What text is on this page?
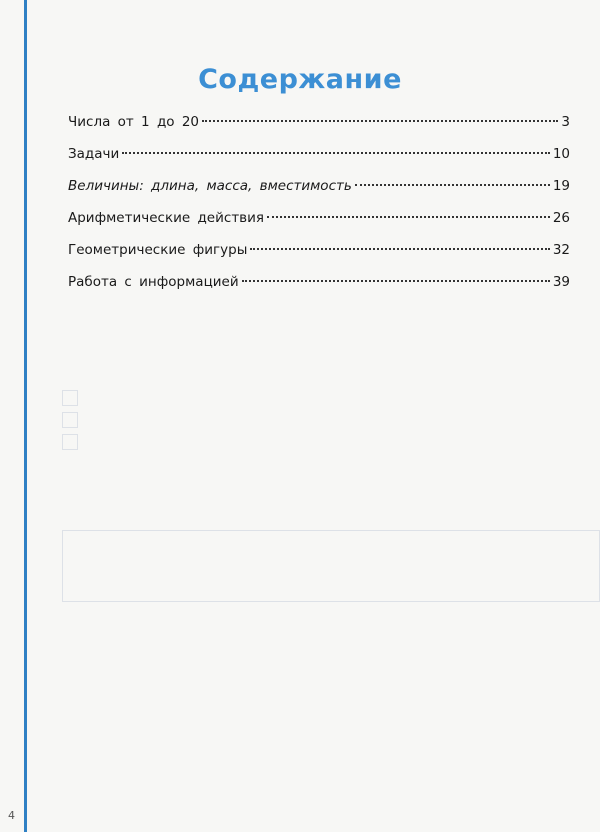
Содержание
Числа от 1 до 20	3
Задачи	10
Величины: длина, масса, вместимость	19
Арифметические действия	26
Геометрические фигуры	32
Работа с информацией	39
4
